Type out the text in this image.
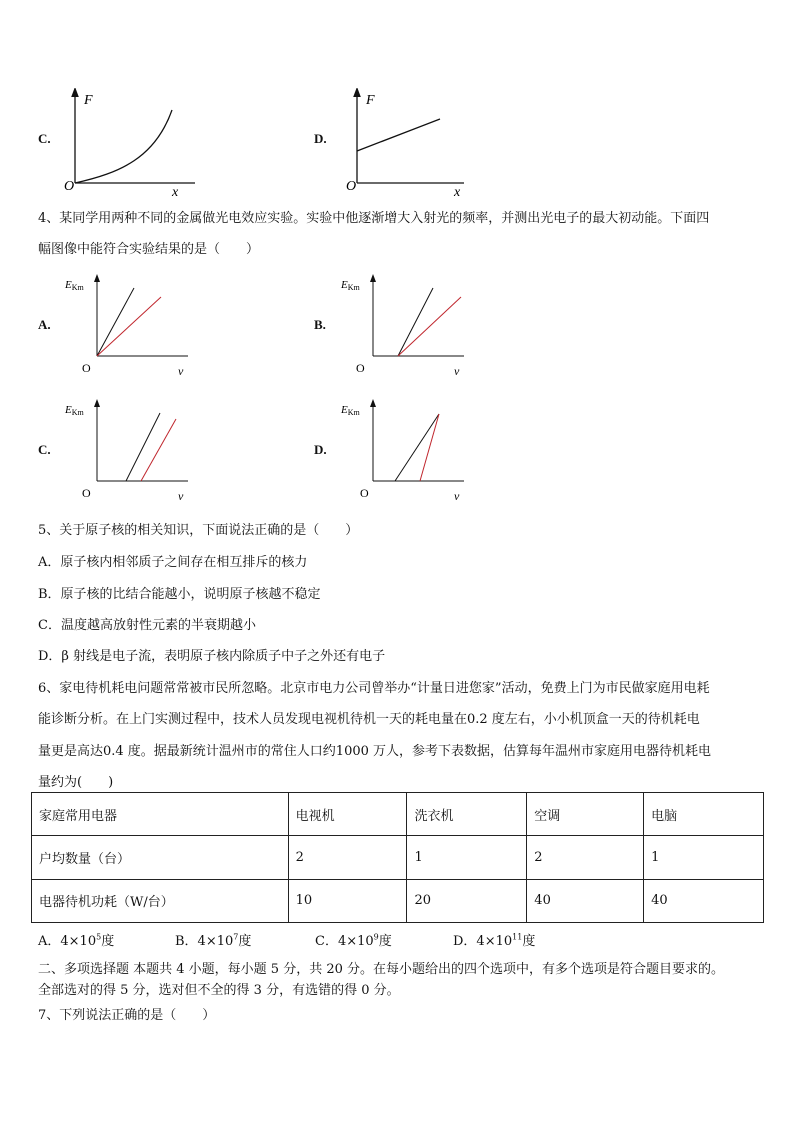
C.
F
O	x
D.
F
O	x
4、某同学用两种不同的金属做光电效应实验。实验中他逐渐增大入射光的频率，并测出光电子的最大初动能。下面四
幅图像中能符合实验结果的是（　　）
A.
EKm
O	ν
B.
EKm
O	ν
C.
EKm
O	ν
D.
EKm
O	ν
5、关于原子核的相关知识，下面说法正确的是（　　）
A．原子核内相邻质子之间存在相互排斥的核力
B．原子核的比结合能越小，说明原子核越不稳定
C．温度越高放射性元素的半衰期越小
D．β 射线是电子流，表明原子核内除质子中子之外还有电子
6、家电待机耗电问题常常被市民所忽略。北京市电力公司曾举办“计量日进您家”活动，免费上门为市民做家庭用电耗
能诊断分析。在上门实测过程中，技术人员发现电视机待机一天的耗电量在0.2 度左右，小小机顶盒一天的待机耗电
量更是高达0.4 度。据最新统计温州市的常住人口约1000 万人，参考下表数据，估算每年温州市家庭用电器待机耗电
量约为(　　)
家庭常用电器	电视机	洗衣机	空调	电脑
户均数量（台）	2	1	2	1
电器待机功耗（W/台）	10	20	40	40
A．$4\times 10^5$度	B．$4\times 10^7$度	C．$4\times 10^9$度	D．$4\times 10^{11}$度
二、多项选择题 本题共 4 小题，每小题 5 分，共 20 分。在每小题给出的四个选项中，有多个选项是符合题目要求的。
全部选对的得 5 分，选对但不全的得 3 分，有选错的得 0 分。
7、下列说法正确的是（　　）
